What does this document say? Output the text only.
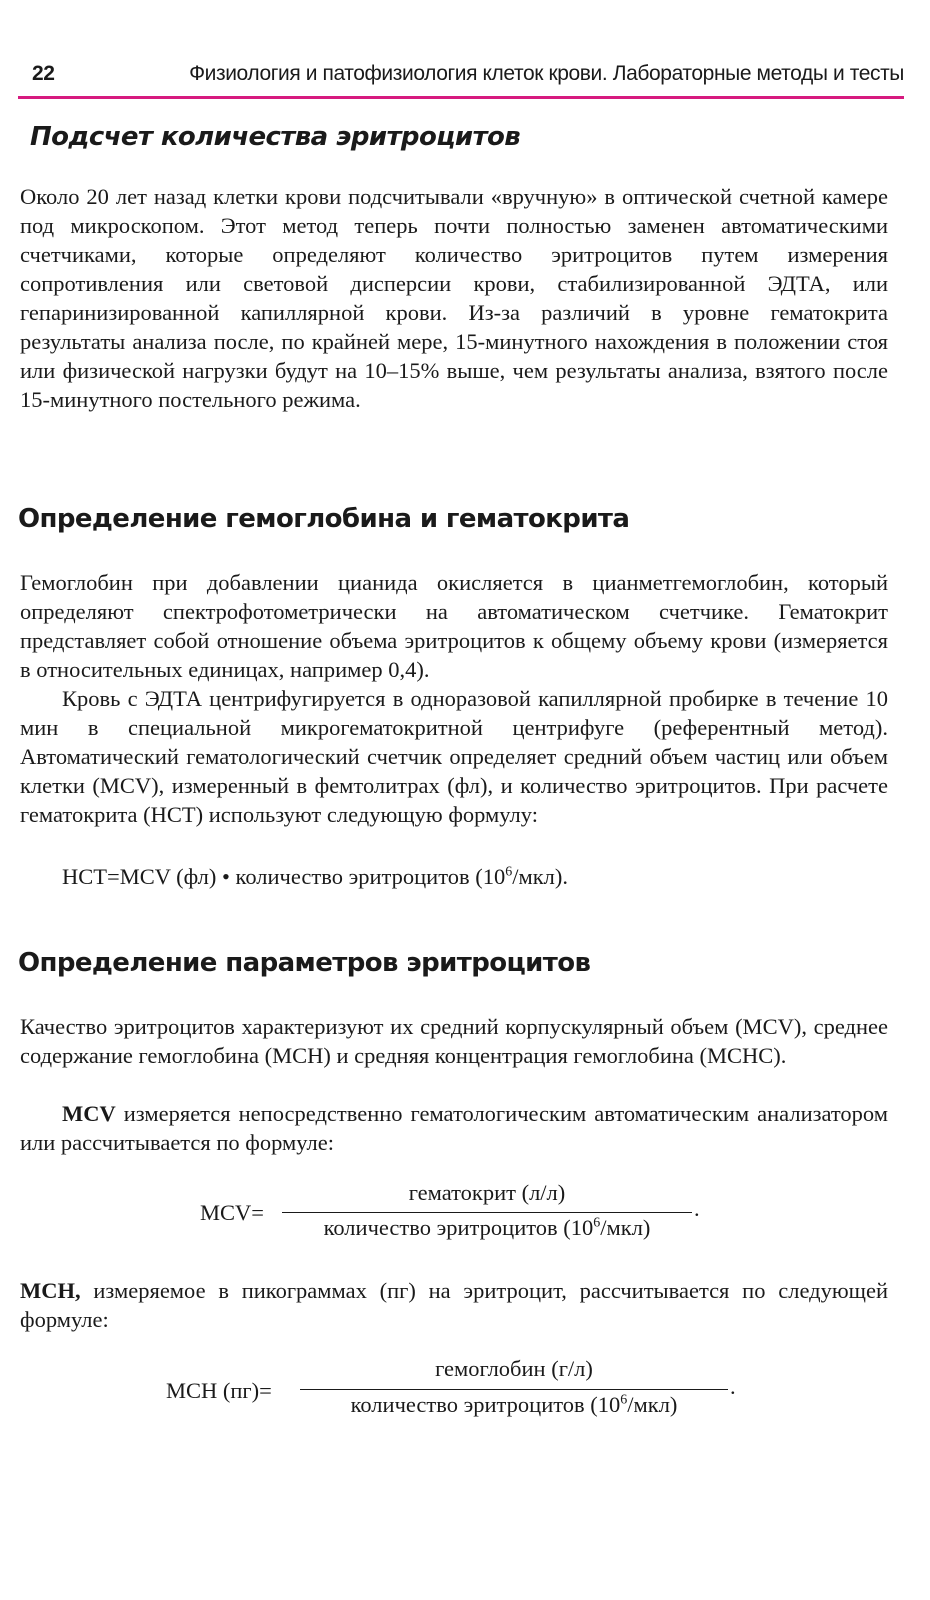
22	Физиология и патофизиология клеток крови. Лабораторные методы и тесты
Подсчет количества эритроцитов

Около 20 лет назад клетки крови подсчитывали «вручную» в оптической счетной камере под микроскопом. Этот метод теперь почти полностью заменен автоматическими счетчиками, которые определяют количество эритроцитов путем измерения сопротивления или световой дисперсии крови, стабилизированной ЭДТА, или гепаринизированной капиллярной крови. Из-за различий в уровне гематокрита результаты анализа после, по крайней мере, 15-минутного нахождения в положении стоя или физической нагрузки будут на 10–15% выше, чем результаты анализа, взятого после 15-минутного постельного режима.

Определение гемоглобина и гематокрита

Гемоглобин при добавлении цианида окисляется в цианметгемоглобин, который определяют спектрофотометрически на автоматическом счетчике. Гематокрит представляет собой отношение объема эритроцитов к общему объему крови (измеряется в относительных единицах, например 0,4).

Кровь с ЭДТА центрифугируется в одноразовой капиллярной пробирке в течение 10 мин в специальной микрогематокритной центрифуге (референтный метод). Автоматический гематологический счетчик определяет средний объем частиц или объем клетки (MCV), измеренный в фемтолитрах (фл), и количество эритроцитов. При расчете гематокрита (HCT) используют следующую формулу:

HCT=MCV (фл) • количество эритроцитов $(10^6/мкл)$.
Определение параметров эритроцитов

Качество эритроцитов характеризуют их средний корпускулярный объем (MCV), среднее содержание гемоглобина (MCH) и средняя концентрация гемоглобина (MCHC).

MCV измеряется непосредственно гематологическим автоматическим анализатором или рассчитывается по формуле:

MCV=
гематокрит (л/л)
количество эритроцитов $(10^6/мкл)$
.

MCH, измеряемое в пикограммах (пг) на эритроцит, рассчитывается по следующей формуле:

MCH (пг)=
гемоглобин (г/л)
количество эритроцитов $(10^6/мкл)$
.
